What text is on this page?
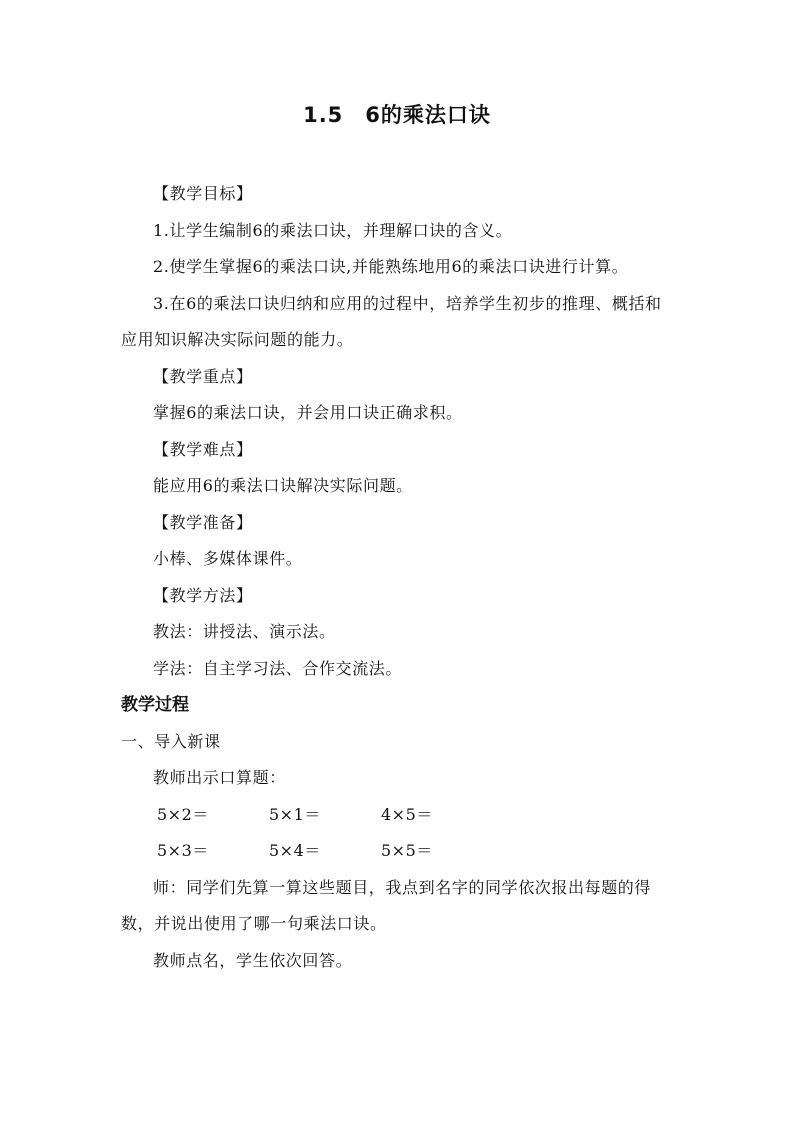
1.5　6的乘法口诀

【教学目标】

1.让学生编制6的乘法口诀，并理解口诀的含义。

2.使学生掌握6的乘法口诀,并能熟练地用6的乘法口诀进行计算。

3.在6的乘法口诀归纳和应用的过程中，培养学生初步的推理、概括和应用知识解决实际问题的能力。

【教学重点】

掌握6的乘法口诀，并会用口诀正确求积。

【教学难点】

能应用6的乘法口诀解决实际问题。

【教学准备】

小棒、多媒体课件。

【教学方法】

教法：讲授法、演示法。

学法：自主学习法、合作交流法。

教学过程

一、导入新课

教师出示口算题：

5×2＝	5×1＝	4×5＝
5×3＝	5×4＝	5×5＝

师：同学们先算一算这些题目，我点到名字的同学依次报出每题的得数，并说出使用了哪一句乘法口诀。

教师点名，学生依次回答。
